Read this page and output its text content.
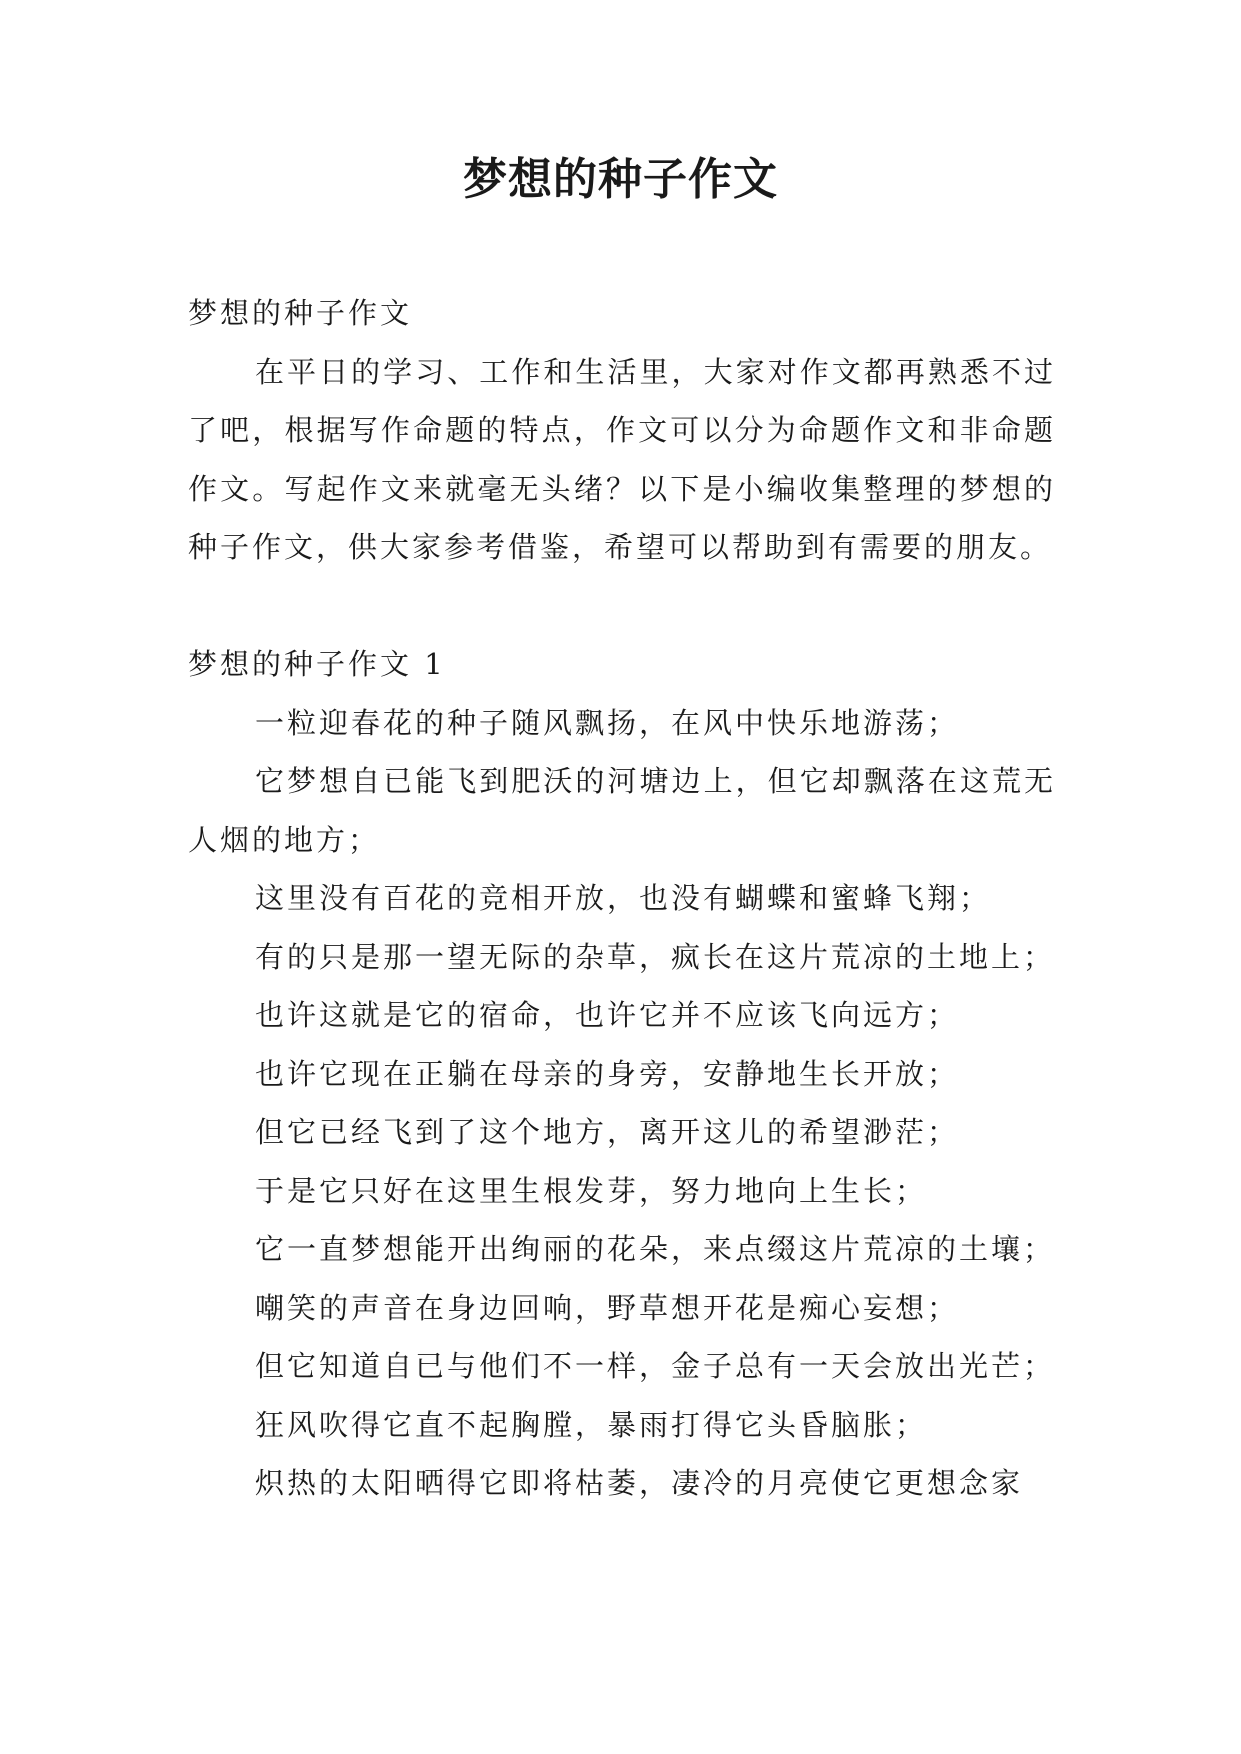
梦想的种子作文

梦想的种子作文

在平日的学习、工作和生活里，大家对作文都再熟悉不过了吧，根据写作命题的特点，作文可以分为命题作文和非命题作文。写起作文来就毫无头绪？以下是小编收集整理的梦想的种子作文，供大家参考借鉴，希望可以帮助到有需要的朋友。

梦想的种子作文 1

一粒迎春花的种子随风飘扬，在风中快乐地游荡；

它梦想自已能飞到肥沃的河塘边上，但它却飘落在这荒无人烟的地方；

这里没有百花的竞相开放，也没有蝴蝶和蜜蜂飞翔；

有的只是那一望无际的杂草，疯长在这片荒凉的土地上；

也许这就是它的宿命，也许它并不应该飞向远方；

也许它现在正躺在母亲的身旁，安静地生长开放；

但它已经飞到了这个地方，离开这儿的希望渺茫；

于是它只好在这里生根发芽，努力地向上生长；

它一直梦想能开出绚丽的花朵，来点缀这片荒凉的土壤；

嘲笑的声音在身边回响，野草想开花是痴心妄想；

但它知道自已与他们不一样，金子总有一天会放出光芒；

狂风吹得它直不起胸膛，暴雨打得它头昏脑胀；

炽热的太阳晒得它即将枯萎，凄冷的月亮使它更想念家
